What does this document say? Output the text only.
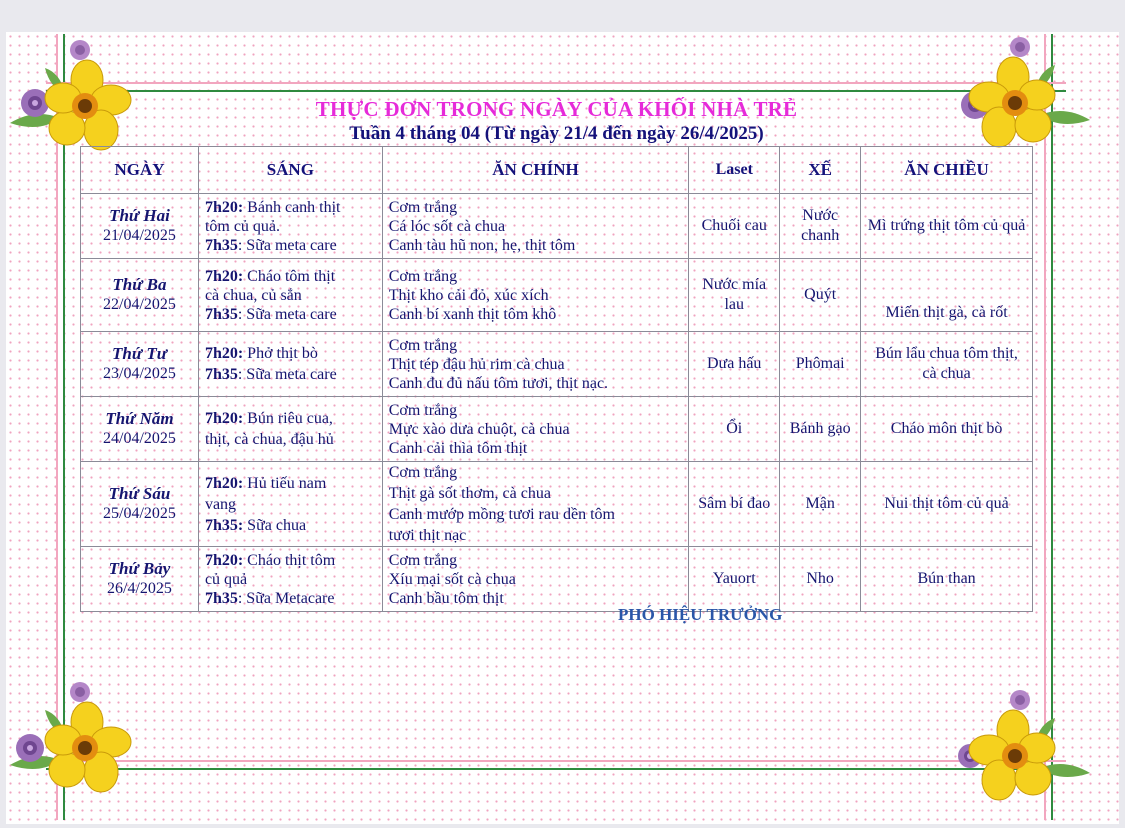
THỰC ĐƠN TRONG NGÀY CỦA KHỐI NHÀ TRẺ
Tuần 4 tháng 04 (Từ ngày 21/4 đến ngày 26/4/2025)
NGÀY	SÁNG	ĂN CHÍNH	Laset	XẾ	ĂN CHIỀU

Thứ Hai
21/04/2025	7h20: Bánh canh thịt
tôm củ quả.
7h35: Sữa meta care	Cơm trắng
Cá lóc sốt cà chua
Canh tàu hũ non, hẹ, thịt tôm	Chuối cau	Nước chanh	Mì trứng thịt tôm củ quả

Thứ Ba
22/04/2025	7h20: Cháo tôm thịt
cà chua, củ sắn
7h35: Sữa meta care	Cơm trắng
Thịt kho cải đỏ, xúc xích
Canh bí xanh thịt tôm khô	Nước mía lau	Quýt	Miến thịt gà, cà rốt

Thứ Tư
23/04/2025	7h20: Phở thịt bò
7h35: Sữa meta care	Cơm trắng
Thịt tép đậu hủ rim cà chua
Canh đu đủ nấu tôm tươi, thịt nạc.	Dưa hấu	Phômai	Bún lẩu chua tôm thịt, cà chua

Thứ Năm
24/04/2025	7h20: Bún riêu cua,
thịt, cà chua, đậu hủ	Cơm trắng
Mực xào dưa chuột, cà chua
Canh cải thìa tôm thịt	Ổi	Bánh gạo	Cháo môn thịt bò

Thứ Sáu
25/04/2025	7h20: Hủ tiếu nam
vang
7h35: Sữa chua	Cơm trắng
Thịt gà sốt thơm, cà chua
Canh mướp mồng tươi rau dền tôm
tươi thịt nạc	Sâm bí đao	Mận	Nui thịt tôm củ quả

Thứ Bảy
26/4/2025	7h20: Cháo thịt tôm
củ quả
7h35: Sữa Metacare	Cơm trắng
Xíu mại sốt cà chua
Canh bầu tôm thịt	Yauort	Nho	Bún than
PHÓ HIỆU TRƯỞNG
